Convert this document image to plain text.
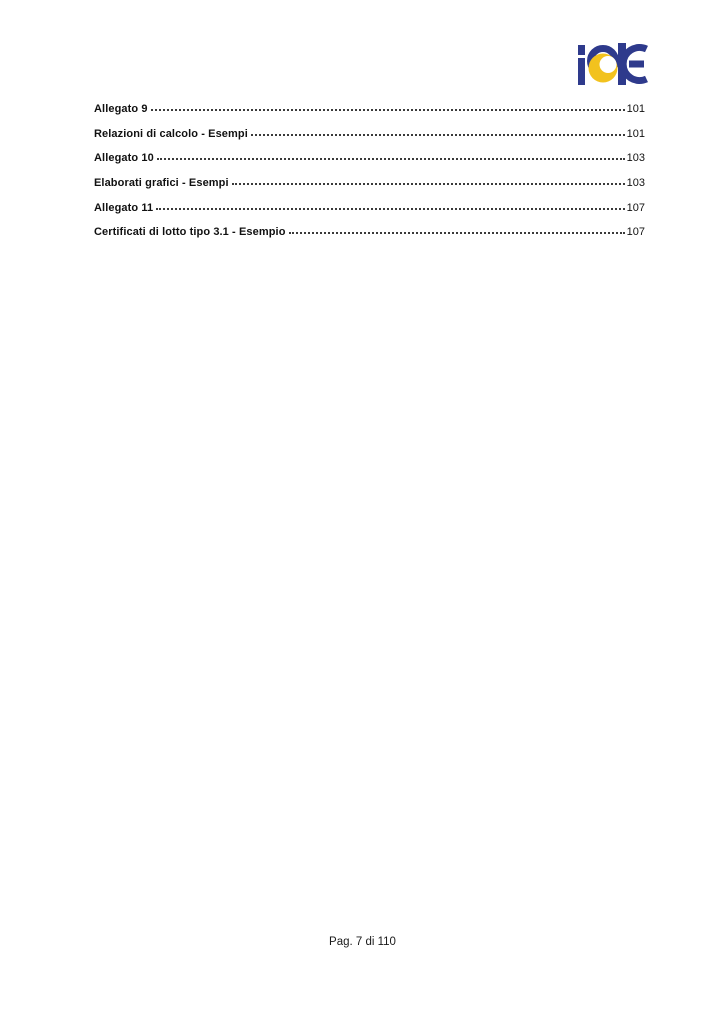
Allegato 9	101
Relazioni di calcolo - Esempi	101
Allegato 10	103
Elaborati grafici - Esempi	103
Allegato 11	107
Certificati di lotto tipo 3.1 - Esempio	107
Pag. 7 di 110
